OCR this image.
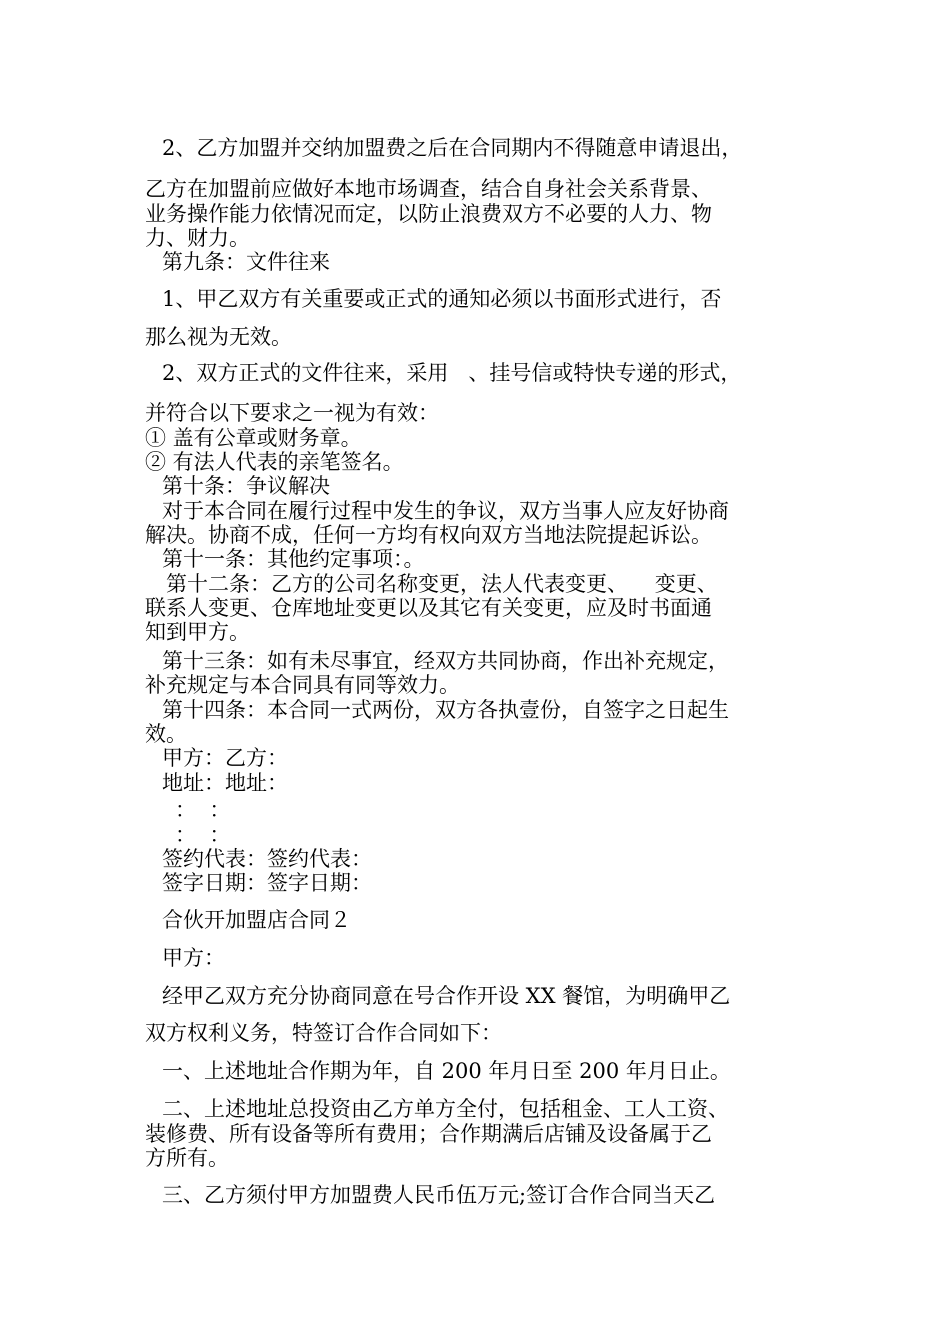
2、乙方加盟并交纳加盟费之后在合同期内不得随意申请退出，
乙方在加盟前应做好本地市场调查，结合自身社会关系背景、
业务操作能力依情况而定，以防止浪费双方不必要的人力、物
力、财力。
第九条：文件往来
1、甲乙双方有关重要或正式的通知必须以书面形式进行，否
那么视为无效。
2、双方正式的文件往来，采用   、挂号信或特快专递的形式，
并符合以下要求之一视为有效：
① 盖有公章或财务章。
② 有法人代表的亲笔签名。
第十条：争议解决
对于本合同在履行过程中发生的争议，双方当事人应友好协商
解决。协商不成，任何一方均有权向双方当地法院提起诉讼。
第十一条：其他约定事项：。
第十二条：乙方的公司名称变更，法人代表变更、    变更、
联系人变更、仓库地址变更以及其它有关变更，应及时书面通
知到甲方。
第十三条：如有未尽事宜，经双方共同协商，作出补充规定，
补充规定与本合同具有同等效力。
第十四条：本合同一式两份，双方各执壹份，自签字之日起生
效。
甲方：乙方：
地址：地址：
：  ：
：  ：
签约代表：签约代表：
签字日期：签字日期：
合伙开加盟店合同２
甲方：
经甲乙双方充分协商同意在号合作开设 XX 餐馆，为明确甲乙
双方权利义务，特签订合作合同如下：
一、上述地址合作期为年，自 200 年月日至 200 年月日止。
二、上述地址总投资由乙方单方全付，包括租金、工人工资、
装修费、所有设备等所有费用；合作期满后店铺及设备属于乙
方所有。
三、乙方须付甲方加盟费人民币伍万元;签订合作合同当天乙
